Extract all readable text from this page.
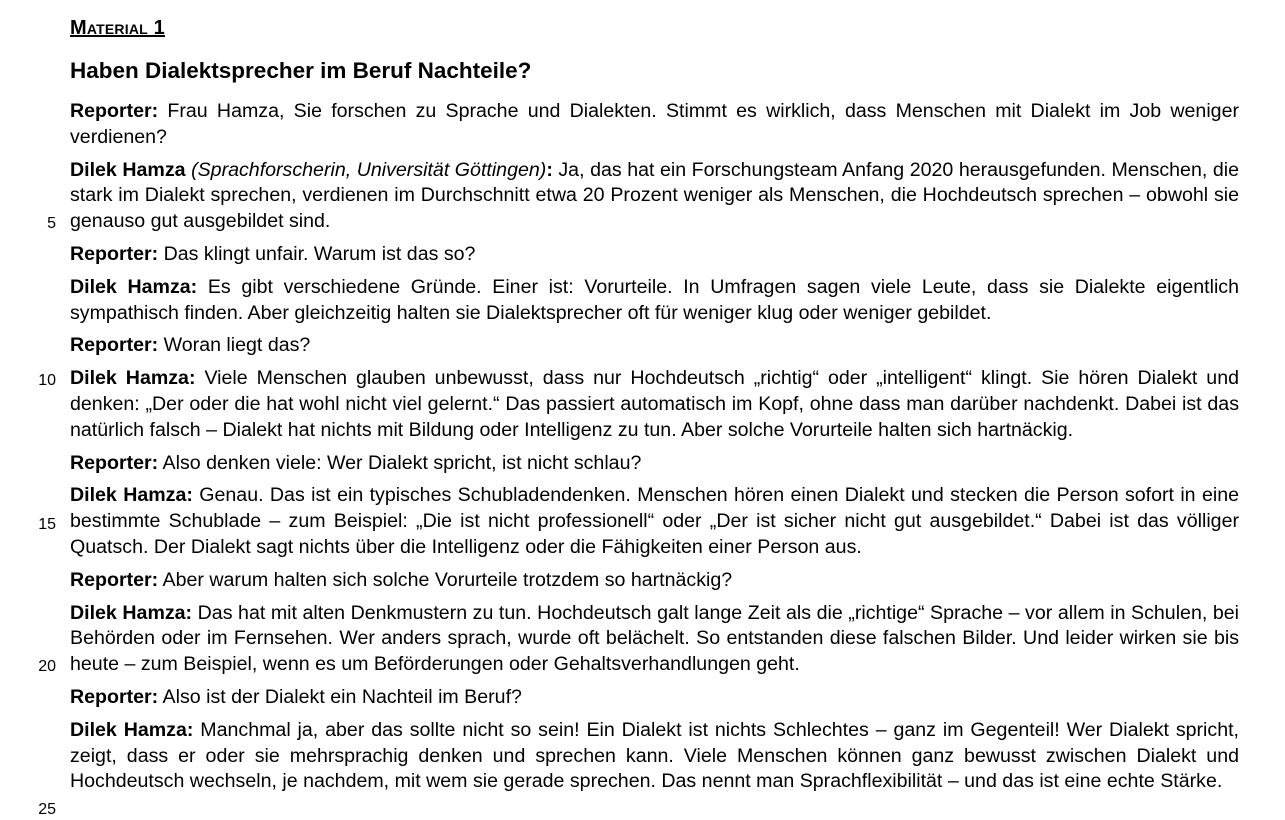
Material 1
Haben Dialektsprecher im Beruf Nachteile?

Reporter: Frau Hamza, Sie forschen zu Sprache und Dialekten. Stimmt es wirklich, dass Menschen mit Dialekt im Job weniger verdienen?

Dilek Hamza (Sprachforscherin, Universität Göttingen): Ja, das hat ein Forschungsteam Anfang 2020 herausgefunden. Menschen, die stark im Dialekt sprechen, verdienen im Durchschnitt etwa 20 Prozent weniger als Menschen, die Hochdeutsch sprechen – obwohl sie genauso gut ausgebildet sind.

Reporter: Das klingt unfair. Warum ist das so?

Dilek Hamza: Es gibt verschiedene Gründe. Einer ist: Vorurteile. In Umfragen sagen viele Leute, dass sie Dialekte eigentlich sympathisch finden. Aber gleichzeitig halten sie Dialektsprecher oft für weniger klug oder weniger gebildet.

Reporter: Woran liegt das?

Dilek Hamza: Viele Menschen glauben unbewusst, dass nur Hochdeutsch „richtig“ oder „intelligent“ klingt. Sie hören Dialekt und denken: „Der oder die hat wohl nicht viel gelernt.“ Das passiert automatisch im Kopf, ohne dass man darüber nachdenkt. Dabei ist das natürlich falsch – Dialekt hat nichts mit Bildung oder Intelligenz zu tun. Aber solche Vorurteile halten sich hartnäckig.

Reporter: Also denken viele: Wer Dialekt spricht, ist nicht schlau?

Dilek Hamza: Genau. Das ist ein typisches Schubladendenken. Menschen hören einen Dialekt und stecken die Person sofort in eine bestimmte Schublade – zum Beispiel: „Die ist nicht professionell“ oder „Der ist sicher nicht gut ausgebildet.“ Dabei ist das völliger Quatsch. Der Dialekt sagt nichts über die Intelligenz oder die Fähigkeiten einer Person aus.

Reporter: Aber warum halten sich solche Vorurteile trotzdem so hartnäckig?

Dilek Hamza: Das hat mit alten Denkmustern zu tun. Hochdeutsch galt lange Zeit als die „richtige“ Sprache – vor allem in Schulen, bei Behörden oder im Fernsehen. Wer anders sprach, wurde oft belächelt. So entstanden diese falschen Bilder. Und leider wirken sie bis heute – zum Beispiel, wenn es um Beförderungen oder Gehaltsverhandlungen geht.

Reporter: Also ist der Dialekt ein Nachteil im Beruf?

Dilek Hamza: Manchmal ja, aber das sollte nicht so sein! Ein Dialekt ist nichts Schlechtes – ganz im Gegenteil! Wer Dialekt spricht, zeigt, dass er oder sie mehrsprachig denken und sprechen kann. Viele Menschen können ganz bewusst zwischen Dialekt und Hochdeutsch wechseln, je nachdem, mit wem sie gerade sprechen. Das nennt man Sprachflexibilität – und das ist eine echte Stärke.

5
10
15
20
25
